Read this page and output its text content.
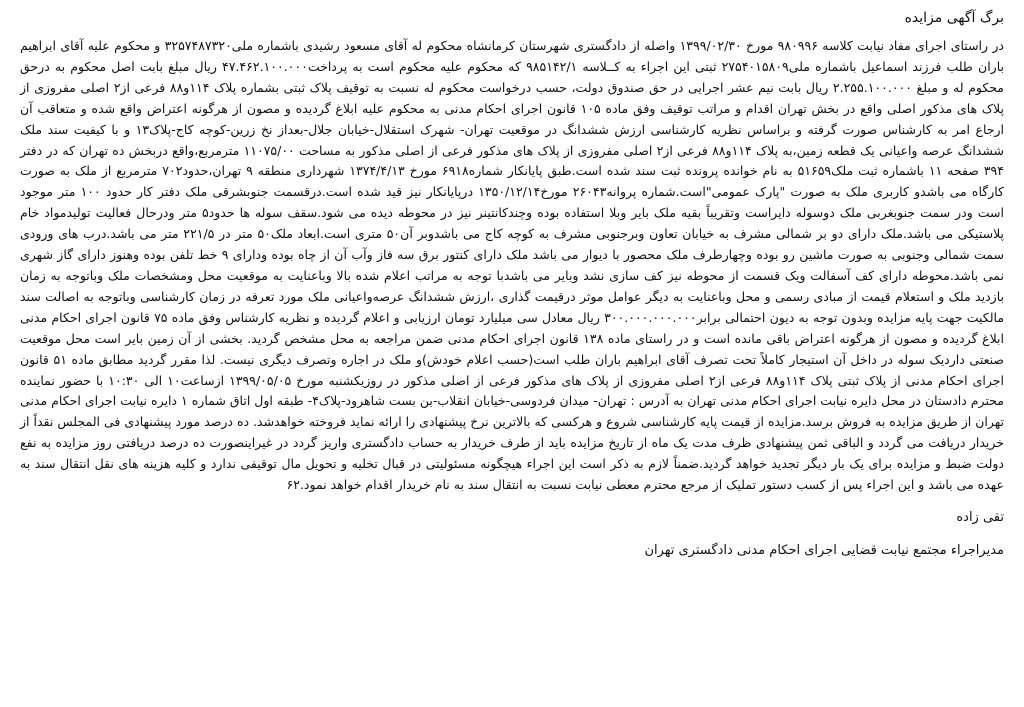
برگ آگهی مزایده

در راستای اجرای مفاد نیابت کلاسه ۹۸۰۹۹۶ مورخ ۱۳۹۹/۰۲/۳۰ واصله از دادگستری شهرستان کرمانشاه محکوم له آقای مسعود رشیدی باشماره ملی۳۲۵۷۴۸۷۳۲۰ و محکوم علیه آقای ابراهیم باران طلب فرزند اسماعیل باشماره ملی۲۷۵۴۰۱۵۸۰۹ ثبتی این اجراء به کــلاسه ۹۸۵۱۴۲/۱ که محکوم علیه محکوم است به پرداخت۴۷.۴۶۲.۱۰۰.۰۰۰ ریال مبلغ بابت اصل محکوم به درحق محکوم له و مبلغ ۲.۲۵۵.۱۰۰.۰۰۰ ریال بابت نیم عشر اجرایی در حق صندوق دولت، حسب درخواست محکوم له نسبت به توقیف پلاک ثبتی بشماره پلاک ۱۱۴و۸۸ فرعی از۲ اصلی مفروزی از پلاک های مذکور اصلی واقع در بخش تهران اقدام و مراتب توقیف وفق ماده ۱۰۵ قانون اجرای احکام مدنی به محکوم علیه ابلاغ گردیده و مصون از هرگونه اعتراض واقع شده و متعاقب آن ارجاع امر به کارشناس صورت گرفته و براساس نظریه کارشناسی ارزش ششدانگ در موقعیت تهران- شهرک استقلال-خیابان جلال-بعداز نخ زرین-کوچه کاج-پلاک۱۳ و با کیفیت سند ملک ششدانگ عرصه واعیانی یک قطعه زمین،به پلاک ۱۱۴و۸۸ فرعی از۲ اصلی مفروزی از پلاک های مذکور فرعی از اصلی مذکور به مساحت ۱۱۰۷۵/۰۰ مترمربع،واقع دربخش ده تهران که در دفتر ۳۹۴ صفحه ۱۱ باشماره ثبت ملک۵۱۶۵۹ به نام خوانده پرونده ثبت سند شده است.طبق پایانکار شماره۶۹۱۸ مورخ ۱۳۷۴/۴/۱۳ شهرداری منطقه ۹ تهران،حدود۷۰۲ مترمربع از ملک به صورت کارگاه می باشدو کاربری ملک به صورت "پارک عمومی"است.شماره پروانه۲۶۰۴۳ مورخ۱۳۵۰/۱۲/۱۴ درپایانکار نیز قید شده است.درقسمت جنوبشرقی ملک دفتر کار حدود ۱۰۰ متر موجود است ودر سمت جنوبغربی ملک دوسوله دایراست وتقریباً بقیه ملک بایر وبلا استفاده بوده وچندکانتینر نیز در محوطه دیده می شود.سقف سوله ها حدود۵ متر ودرحال فعالیت تولیدمواد خام پلاستیکی می باشد.ملک دارای دو بر شمالی مشرف به خیابان تعاون وبرجنوبی مشرف به کوچه کاج می باشدوبر آن۵۰ متری است.ابعاد ملک۵۰ متر در ۲۲۱/۵ متر می باشد.درب های ورودی سمت شمالی وجنوبی به صورت ماشین رو بوده وچهارطرف ملک محصور با دیوار می باشد ملک دارای کنتور برق سه فاز وآب آن از چاه بوده ودارای ۹ خط تلفن بوده وهنوز دارای گاز شهری نمی باشد.محوطه دارای کف آسفالت ویک قسمت از محوطه نیز کف سازی نشد وبایر می باشدبا توجه به مراتب اعلام شده بالا وباعنایت به موقعیت محل ومشخصات ملک وباتوجه به زمان بازدید ملک و استعلام قیمت از مبادی رسمی و محل وباعنایت به دیگر عوامل موثر درقیمت گذاری ،ارزش ششدانگ عرصه‌واعیانی ملک مورد تعرفه در زمان کارشناسی وباتوجه به اصالت سند مالکیت جهت پایه مزایده وبدون توجه به دیون احتمالی برابر۳۰۰.۰۰۰.۰۰۰.۰۰۰ ریال معادل سی میلیارد تومان ارزیابی و اعلام گردیده و نظریه کارشناس وفق ماده ۷۵ قانون اجرای احکام مدنی ابلاغ گردیده و مصون از هرگونه اعتراض باقی مانده است و در راستای ماده ۱۳۸ قانون اجرای احکام مدنی ضمن مراجعه به محل مشخص گردید. بخشی از آن زمین بایر است محل موقعیت صنعتی داردیک سوله در داخل آن استیجار کاملاً تحت تصرف آقای ابراهیم باران طلب است(حسب اعلام خودش)و ملک در اجاره وتصرف دیگری نیست. لذا مقرر گردید مطابق ماده ۵۱ قانون اجرای احکام مدنی از پلاک ثبتی پلاک ۱۱۴و۸۸ فرعی از۲ اصلی مفروزی از پلاک های مذکور فرعی از اصلی مذکور در روزیکشنبه مورخ ۱۳۹۹/۰۵/۰۵ ازساعت۱۰ الی ۱۰:۳۰ با حضور نماینده محترم دادستان در محل دایره نیابت اجرای احکام مدنی تهران به آدرس : تهران- میدان فردوسی-خیابان انقلاب-بن بست شاهرود-پلاک۴- طبقه اول اتاق شماره ۱ دایره نیابت اجرای احکام مدنی تهران از طریق مزایده به فروش برسد.مزایده از قیمت پایه کارشناسی شروع و هرکسی که بالاترین نرخ پیشنهادی را ارائه نماید فروخته خواهدشد. ده درصد مورد پیشنهادی فی المجلس نقداً از خریدار دریافت می گردد و الباقی ثمن پیشنهادی ظرف مدت یک ماه از تاریخ مزایده باید از طرف خریدار به حساب دادگستری واریز گردد در غیراینصورت ده درصد دریافتی روز مزایده به نفع دولت ضبط و مزایده برای یک بار دیگر تجدید خواهد گردید.ضمناً لازم به ذکر است این اجراء هیچگونه مسئولیتی در قبال تخلیه و تحویل مال توقیفی ندارد و کلیه هزینه های نقل انتقال سند به عهده می باشد و این اجراء پس از کسب دستور تملیک از مرجع محترم معطی نیابت نسبت به انتقال سند به نام خریدار اقدام خواهد نمود.۶۲

تقی زاده

مدیراجراء مجتمع نیابت قضایی اجرای احکام مدنی دادگستری تهران
